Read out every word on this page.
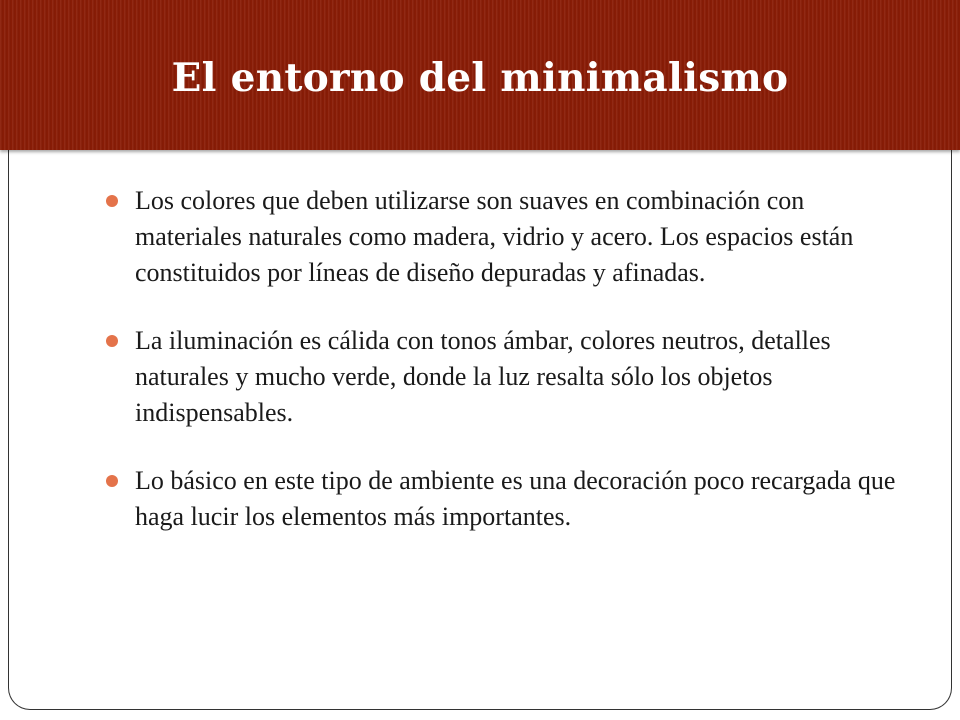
El entorno del minimalismo
Los colores que deben utilizarse son suaves en combinación con materiales naturales como madera, vidrio y acero. Los espacios están constituidos por líneas de diseño depuradas y afinadas.
La iluminación es cálida con tonos ámbar, colores neutros, detalles naturales y mucho verde, donde la luz resalta sólo los objetos indispensables.
Lo básico en este tipo de ambiente es una decoración poco recargada que haga lucir los elementos más importantes.
